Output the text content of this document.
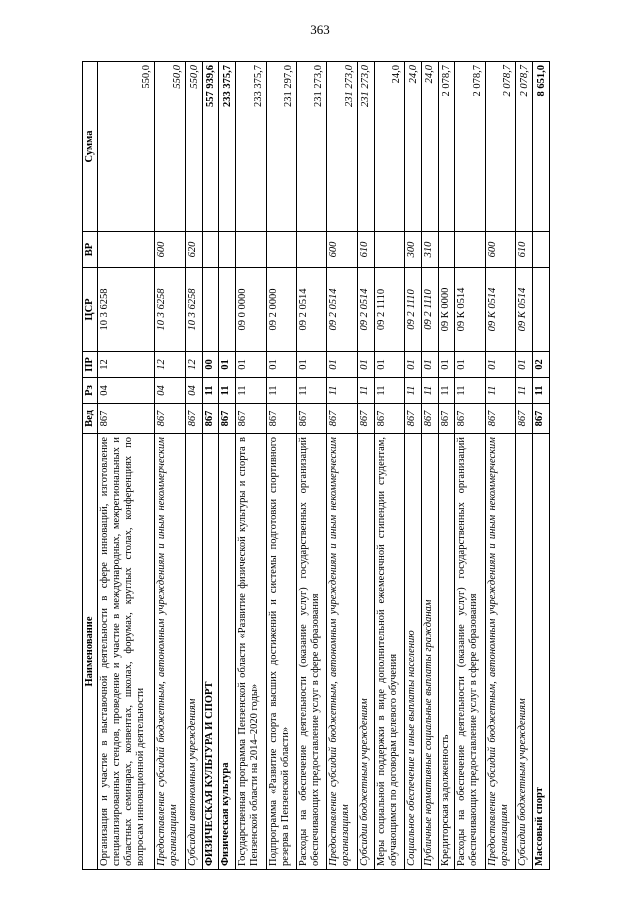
363
Наименование	Вед	Рз	ПР	ЦСР	ВР	Сумма
Организация и участие в выставочной деятельности в сфере инноваций, изготовление специализированных стендов, проведение и участие в международных, межрегиональных и областных семинарах, конвентах, школах, форумах, круглых столах, конференциях по вопросам инновационной деятельности	867	04	12	10 3 6258		550,0
Предоставление субсидий бюджетным, автономным учреждениям и иным некоммерческим организациям	867	04	12	10 3 6258	600	550,0
Субсидии автономным учреждениям	867	04	12	10 3 6258	620	550,0
ФИЗИЧЕСКАЯ КУЛЬТУРА И СПОРТ	867	11	00			557 939,6
Физическая культура	867	11	01			233 375,7
Государственная программа Пензенской области «Развитие физической культуры и спорта в Пензенской области на 2014–2020 годы»	867	11	01	09 0 0000		233 375,7
Подпрограмма «Развитие спорта высших достижений и системы подготовки спортивного резерва в Пензенской области»	867	11	01	09 2 0000		231 297,0
Расходы на обеспечение деятельности (оказание услуг) государственных организаций обеспечивающих предоставление услуг в сфере образования	867	11	01	09 2 0514		231 273,0
Предоставление субсидий бюджетным, автономным учреждениям и иным некоммерческим организациям	867	11	01	09 2 0514	600	231 273,0
Субсидии бюджетным учреждениям	867	11	01	09 2 0514	610	231 273,0
Меры социальной поддержки в виде дополнительной ежемесячной стипендии студентам, обучающимся по договорам целевого обучения	867	11	01	09 2 1110		24,0
Социальное обеспечение и иные выплаты населению	867	11	01	09 2 1110	300	24,0
Публичные нормативные социальные выплаты гражданам	867	11	01	09 2 1110	310	24,0
Кредиторская задолженность	867	11	01	09 К 0000		2 078,7
Расходы на обеспечение деятельности (оказание услуг) государственных организаций обеспечивающих предоставление услуг в сфере образования	867	11	01	09 К 0514		2 078,7
Предоставление субсидий бюджетным, автономным учреждениям и иным некоммерческим организациям	867	11	01	09 К 0514	600	2 078,7
Субсидии бюджетным учреждениям	867	11	01	09 К 0514	610	2 078,7
Массовый спорт	867	11	02			8 651,0
